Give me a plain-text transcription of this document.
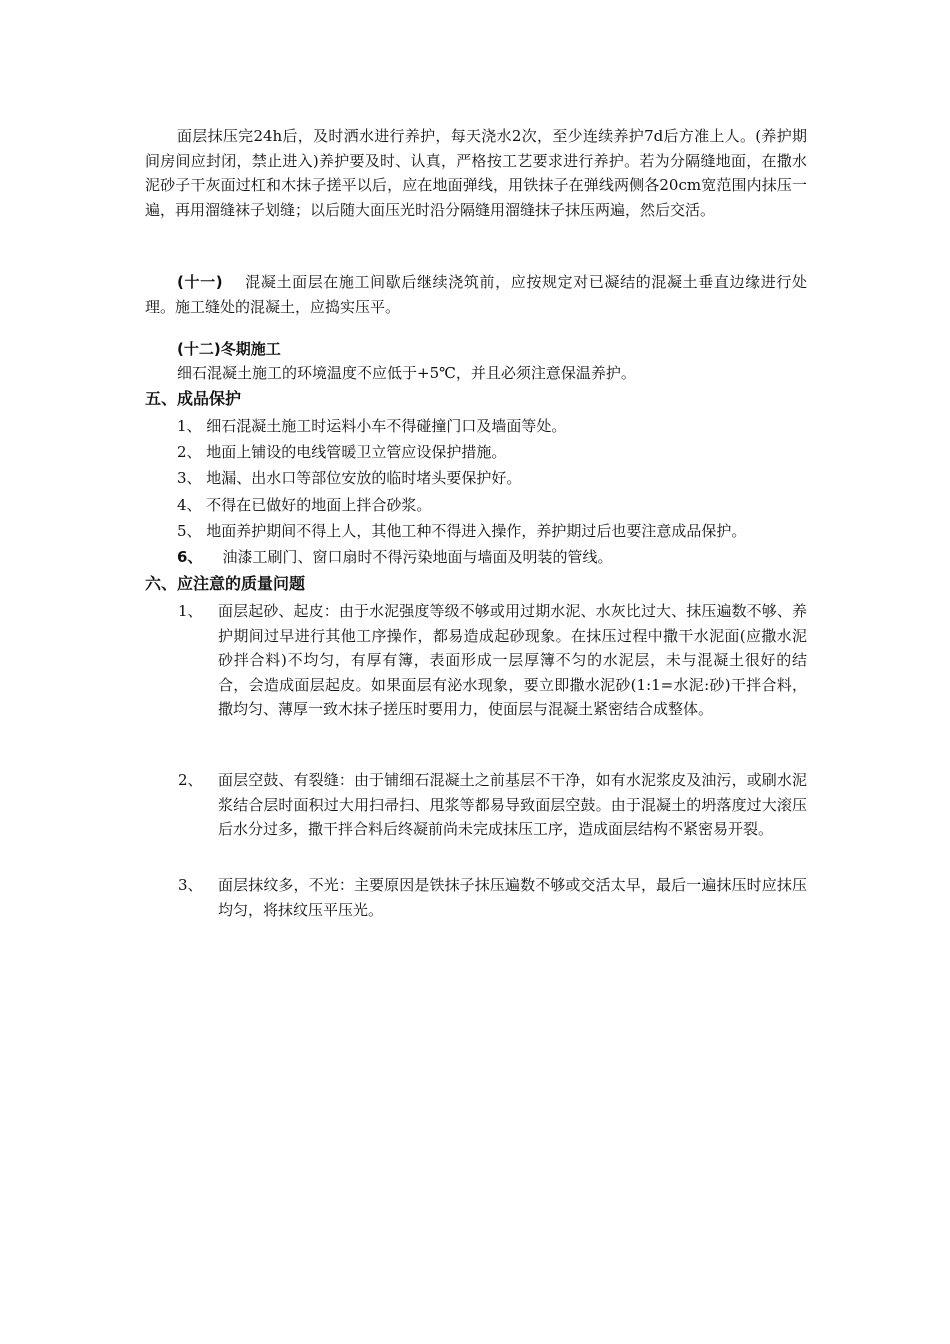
面层抹压完24h后，及时洒水进行养护，每天浇水2次，至少连续养护7d后方准上人。(养护期间房间应封闭，禁止进入)养护要及时、认真，严格按工艺要求进行养护。若为分隔缝地面，在撒水泥砂子干灰面过杠和木抹子搓平以后，应在地面弹线，用铁抹子在弹线两侧各20cm宽范围内抹压一遍，再用溜缝袜子划缝；以后随大面压光时沿分隔缝用溜缝抹子抹压两遍，然后交活。

(十一) 混凝土面层在施工间歇后继续浇筑前，应按规定对已凝结的混凝土垂直边缘进行处理。施工缝处的混凝土，应捣实压平。

(十二)冬期施工

细石混凝土施工的环境温度不应低于+5℃，并且必须注意保温养护。

五、成品保护

1、 细石混凝土施工时运料小车不得碰撞门口及墙面等处。

2、 地面上铺设的电线管暖卫立管应设保护措施。

3、 地漏、出水口等部位安放的临时堵头要保护好。

4、 不得在已做好的地面上拌合砂浆。

5、 地面养护期间不得上人，其他工种不得进入操作，养护期过后也要注意成品保护。

6、 油漆工刷门、窗口扇时不得污染地面与墙面及明装的管线。

六、应注意的质量问题

1、 面层起砂、起皮：由于水泥强度等级不够或用过期水泥、水灰比过大、抹压遍数不够、养护期间过早进行其他工序操作，都易造成起砂现象。在抹压过程中撒干水泥面(应撒水泥砂拌合料)不均匀，有厚有簿，表面形成一层厚簿不匀的水泥层，未与混凝土很好的结合，会造成面层起皮。如果面层有泌水现象，要立即撒水泥砂(1:1=水泥:砂)干拌合料，撒均匀、薄厚一致木抹子搓压时要用力，使面层与混凝土紧密结合成整体。
2、 面层空鼓、有裂缝：由于铺细石混凝土之前基层不干净，如有水泥浆皮及油污，或刷水泥浆结合层时面积过大用扫帚扫、甩浆等都易导致面层空鼓。由于混凝土的坍落度过大滚压后水分过多，撒干拌合料后终凝前尚未完成抹压工序，造成面层结构不紧密易开裂。
3、 面层抹纹多，不光：主要原因是铁抹子抹压遍数不够或交活太早，最后一遍抹压时应抹压均匀，将抹纹压平压光。
